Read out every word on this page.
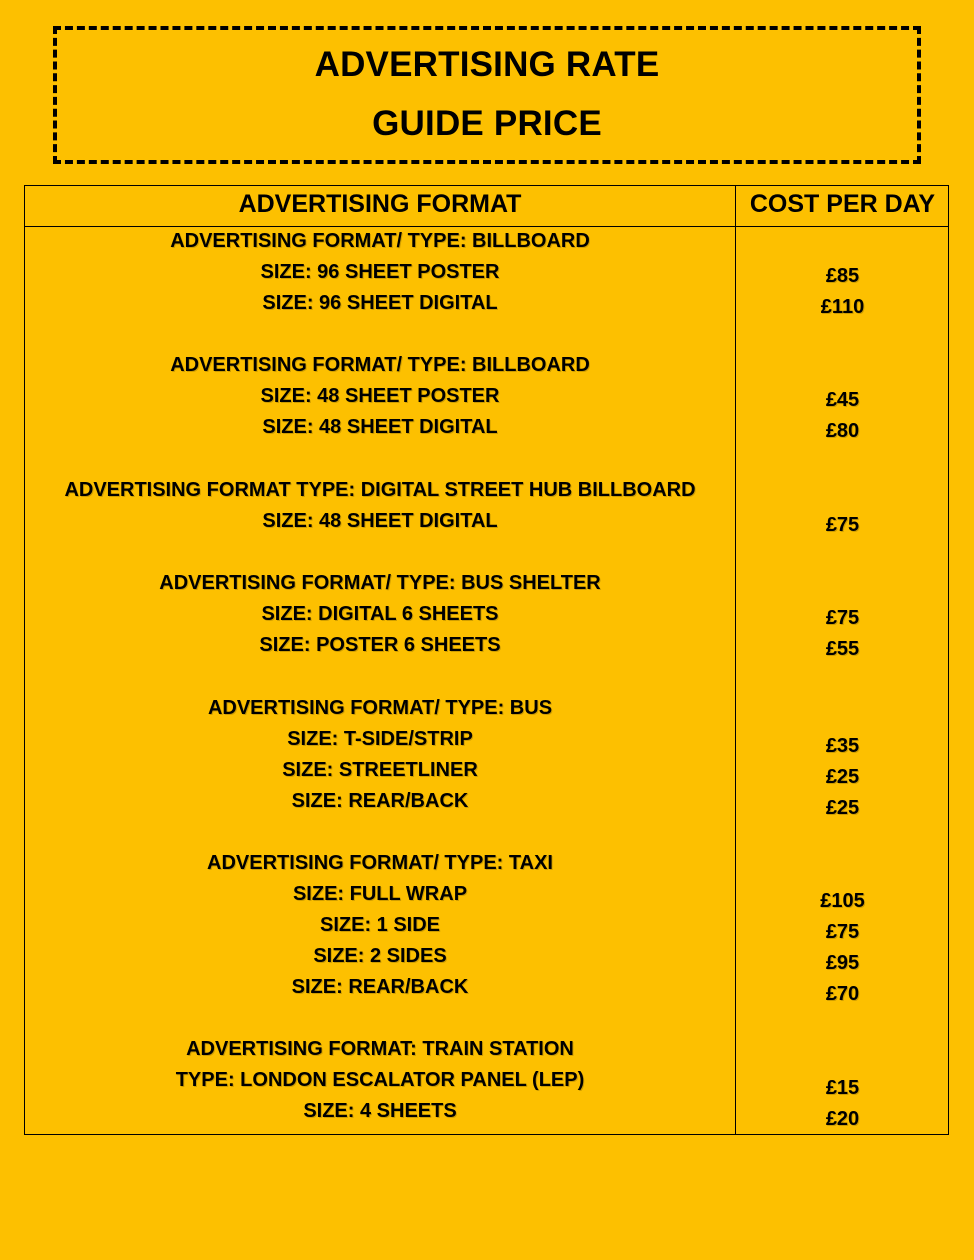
ADVERTISING RATE
GUIDE PRICE
ADVERTISING FORMAT	COST PER DAY
ADVERTISING FORMAT/ TYPE: BILLBOARD
SIZE: 96 SHEET POSTER
SIZE: 96 SHEET DIGITAL
£85
£110
ADVERTISING FORMAT/ TYPE: BILLBOARD
SIZE: 48 SHEET POSTER
SIZE: 48 SHEET DIGITAL
£45
£80
ADVERTISING FORMAT TYPE: DIGITAL STREET HUB BILLBOARD
SIZE: 48 SHEET DIGITAL	£75
ADVERTISING FORMAT/ TYPE: BUS SHELTER
SIZE: DIGITAL 6 SHEETS
SIZE: POSTER 6 SHEETS
£75
£55
ADVERTISING FORMAT/ TYPE: BUS
SIZE: T-SIDE/STRIP
SIZE: STREETLINER
SIZE: REAR/BACK
£35
£25
£25
ADVERTISING FORMAT/ TYPE: TAXI
SIZE: FULL WRAP
SIZE: 1 SIDE
SIZE: 2 SIDES
SIZE: REAR/BACK
£105
£75
£95
£70
ADVERTISING FORMAT: TRAIN STATION
TYPE: LONDON ESCALATOR PANEL (LEP)
SIZE: 4 SHEETS
£15
£20
